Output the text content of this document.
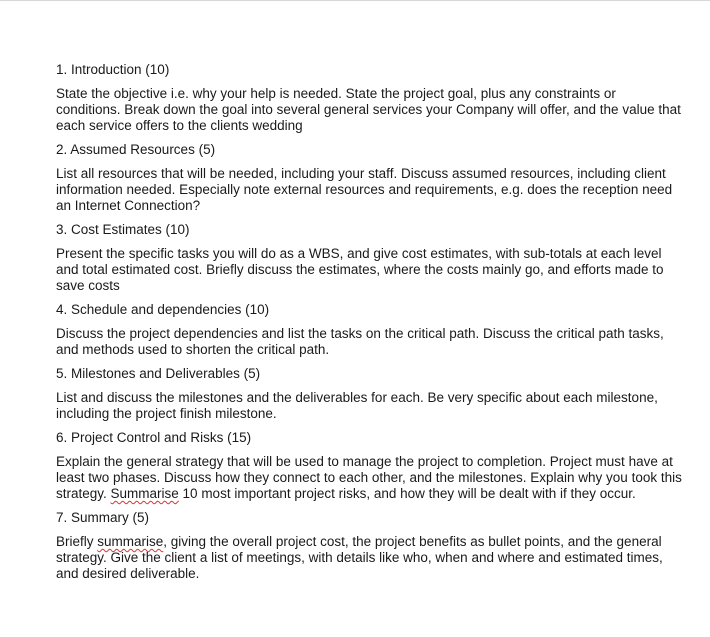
1. Introduction (10)

State the objective i.e. why your help is needed. State the project goal, plus any constraints or conditions. Break down the goal into several general services your Company will offer, and the value that each service offers to the clients wedding

2. Assumed Resources (5)

List all resources that will be needed, including your staff. Discuss assumed resources, including client information needed. Especially note external resources and requirements, e.g. does the reception need an Internet Connection?

3. Cost Estimates (10)

Present the specific tasks you will do as a WBS, and give cost estimates, with sub-totals at each level and total estimated cost. Briefly discuss the estimates, where the costs mainly go, and efforts made to save costs

4. Schedule and dependencies (10)

Discuss the project dependencies and list the tasks on the critical path. Discuss the critical path tasks, and methods used to shorten the critical path.

5. Milestones and Deliverables (5)

List and discuss the milestones and the deliverables for each. Be very specific about each milestone, including the project finish milestone.

6. Project Control and Risks (15)

Explain the general strategy that will be used to manage the project to completion. Project must have at least two phases. Discuss how they connect to each other, and the milestones. Explain why you took this strategy. Summarise 10 most important project risks, and how they will be dealt with if they occur.

7. Summary (5)

Briefly summarise, giving the overall project cost, the project benefits as bullet points, and the general strategy. Give the client a list of meetings, with details like who, when and where and estimated times, and desired deliverable.
